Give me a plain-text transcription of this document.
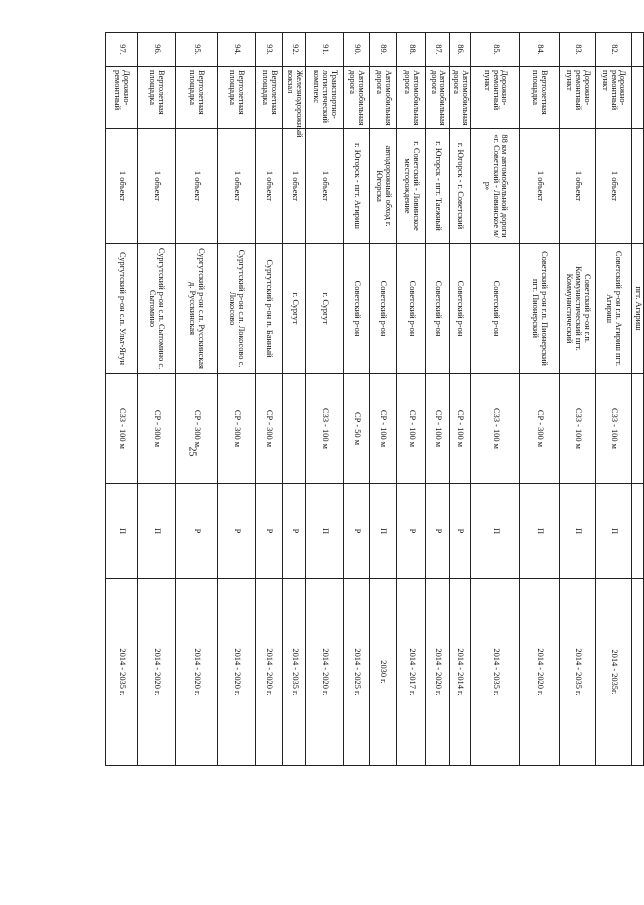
25
			пгт. Агириш			
82.	Дорожно-ремонтный пункт	1 объект	Советский р-он г.п. Агириш пгт. Агириш	СЗЗ - 100 м	П	2014 - 2035г.
83.	Дорожно-ремонтный пункт	1 объект	Советский р-он г.п. Коммунистический пгт. Коммунистический	СЗЗ - 100 м	П	2014 - 2035 г.
84.	Вертолетная площадка	1 объект	Советский р-он г.п. Пионерский пгт. Пионерский	СР - 300 м	П	2014 - 2020 г.
85.	Дорожно-ремонтный пункт	88 км автомобильной дороги «г. Советский - Ловинское м/р»	Советский р-он	СЗЗ - 100 м	П	2014 - 2035 г.
86.	Автомобильная дорога	г. Югорск - г. Советский	Советский р-он	СР - 100 м	Р	2014 - 2014 г.
87.	Автомобильная дорога	г. Югорск - пгт. Таежный	Советский р-он	СР - 100 м	Р	2014 - 2020 г.
88.	Автомобильная дорога	г. Советский - Ловинское месторождение	Советский р-он	СР - 100 м	Р	2014 - 2017 г.
89.	Автомобильная дорога	автодорожный обход г. Югорска	Советский р-он	СР - 100 м	П	2030 г.
90.	Автомобильная дорога	г. Югорск - пгт. Агириш	Советский р-он	СР - 50 м	Р	2014 - 2025 г.
91.	Транспортно-логистический комплекс	1 объект	г. Сургут	СЗЗ - 100 м	П	2014 - 2020 г.
92.	Железнодорожный вокзал	1 объект	г. Сургут		Р	2014 - 2035 г.
93.	Вертолетная площадка	1 объект	Сургутский р-он п. Банный	СР - 300 м	Р	2014 - 2020 г.
94.	Вертолетная площадка	1 объект	Сургутский р-он с.п. Локосово с. Локосово	СР - 300 м	Р	2014 - 2020 г.
95.	Вертолетная площадка	1 объект	Сургутский р-он с.п. Русскинская д. Русскинская	СР - 300 м	Р	2014 - 2020 г.
96.	Вертолетная площадка	1 объект	Сургутский р-он с.п. Сытомино с. Сытомино	СР - 300 м	П	2014 - 2020 г.
97.	Дорожно-ремонтный	1 объект	Сургутский р-он с.п. Ульт-Ягун	СЗЗ - 100 м	П	2014 - 2035 г.
